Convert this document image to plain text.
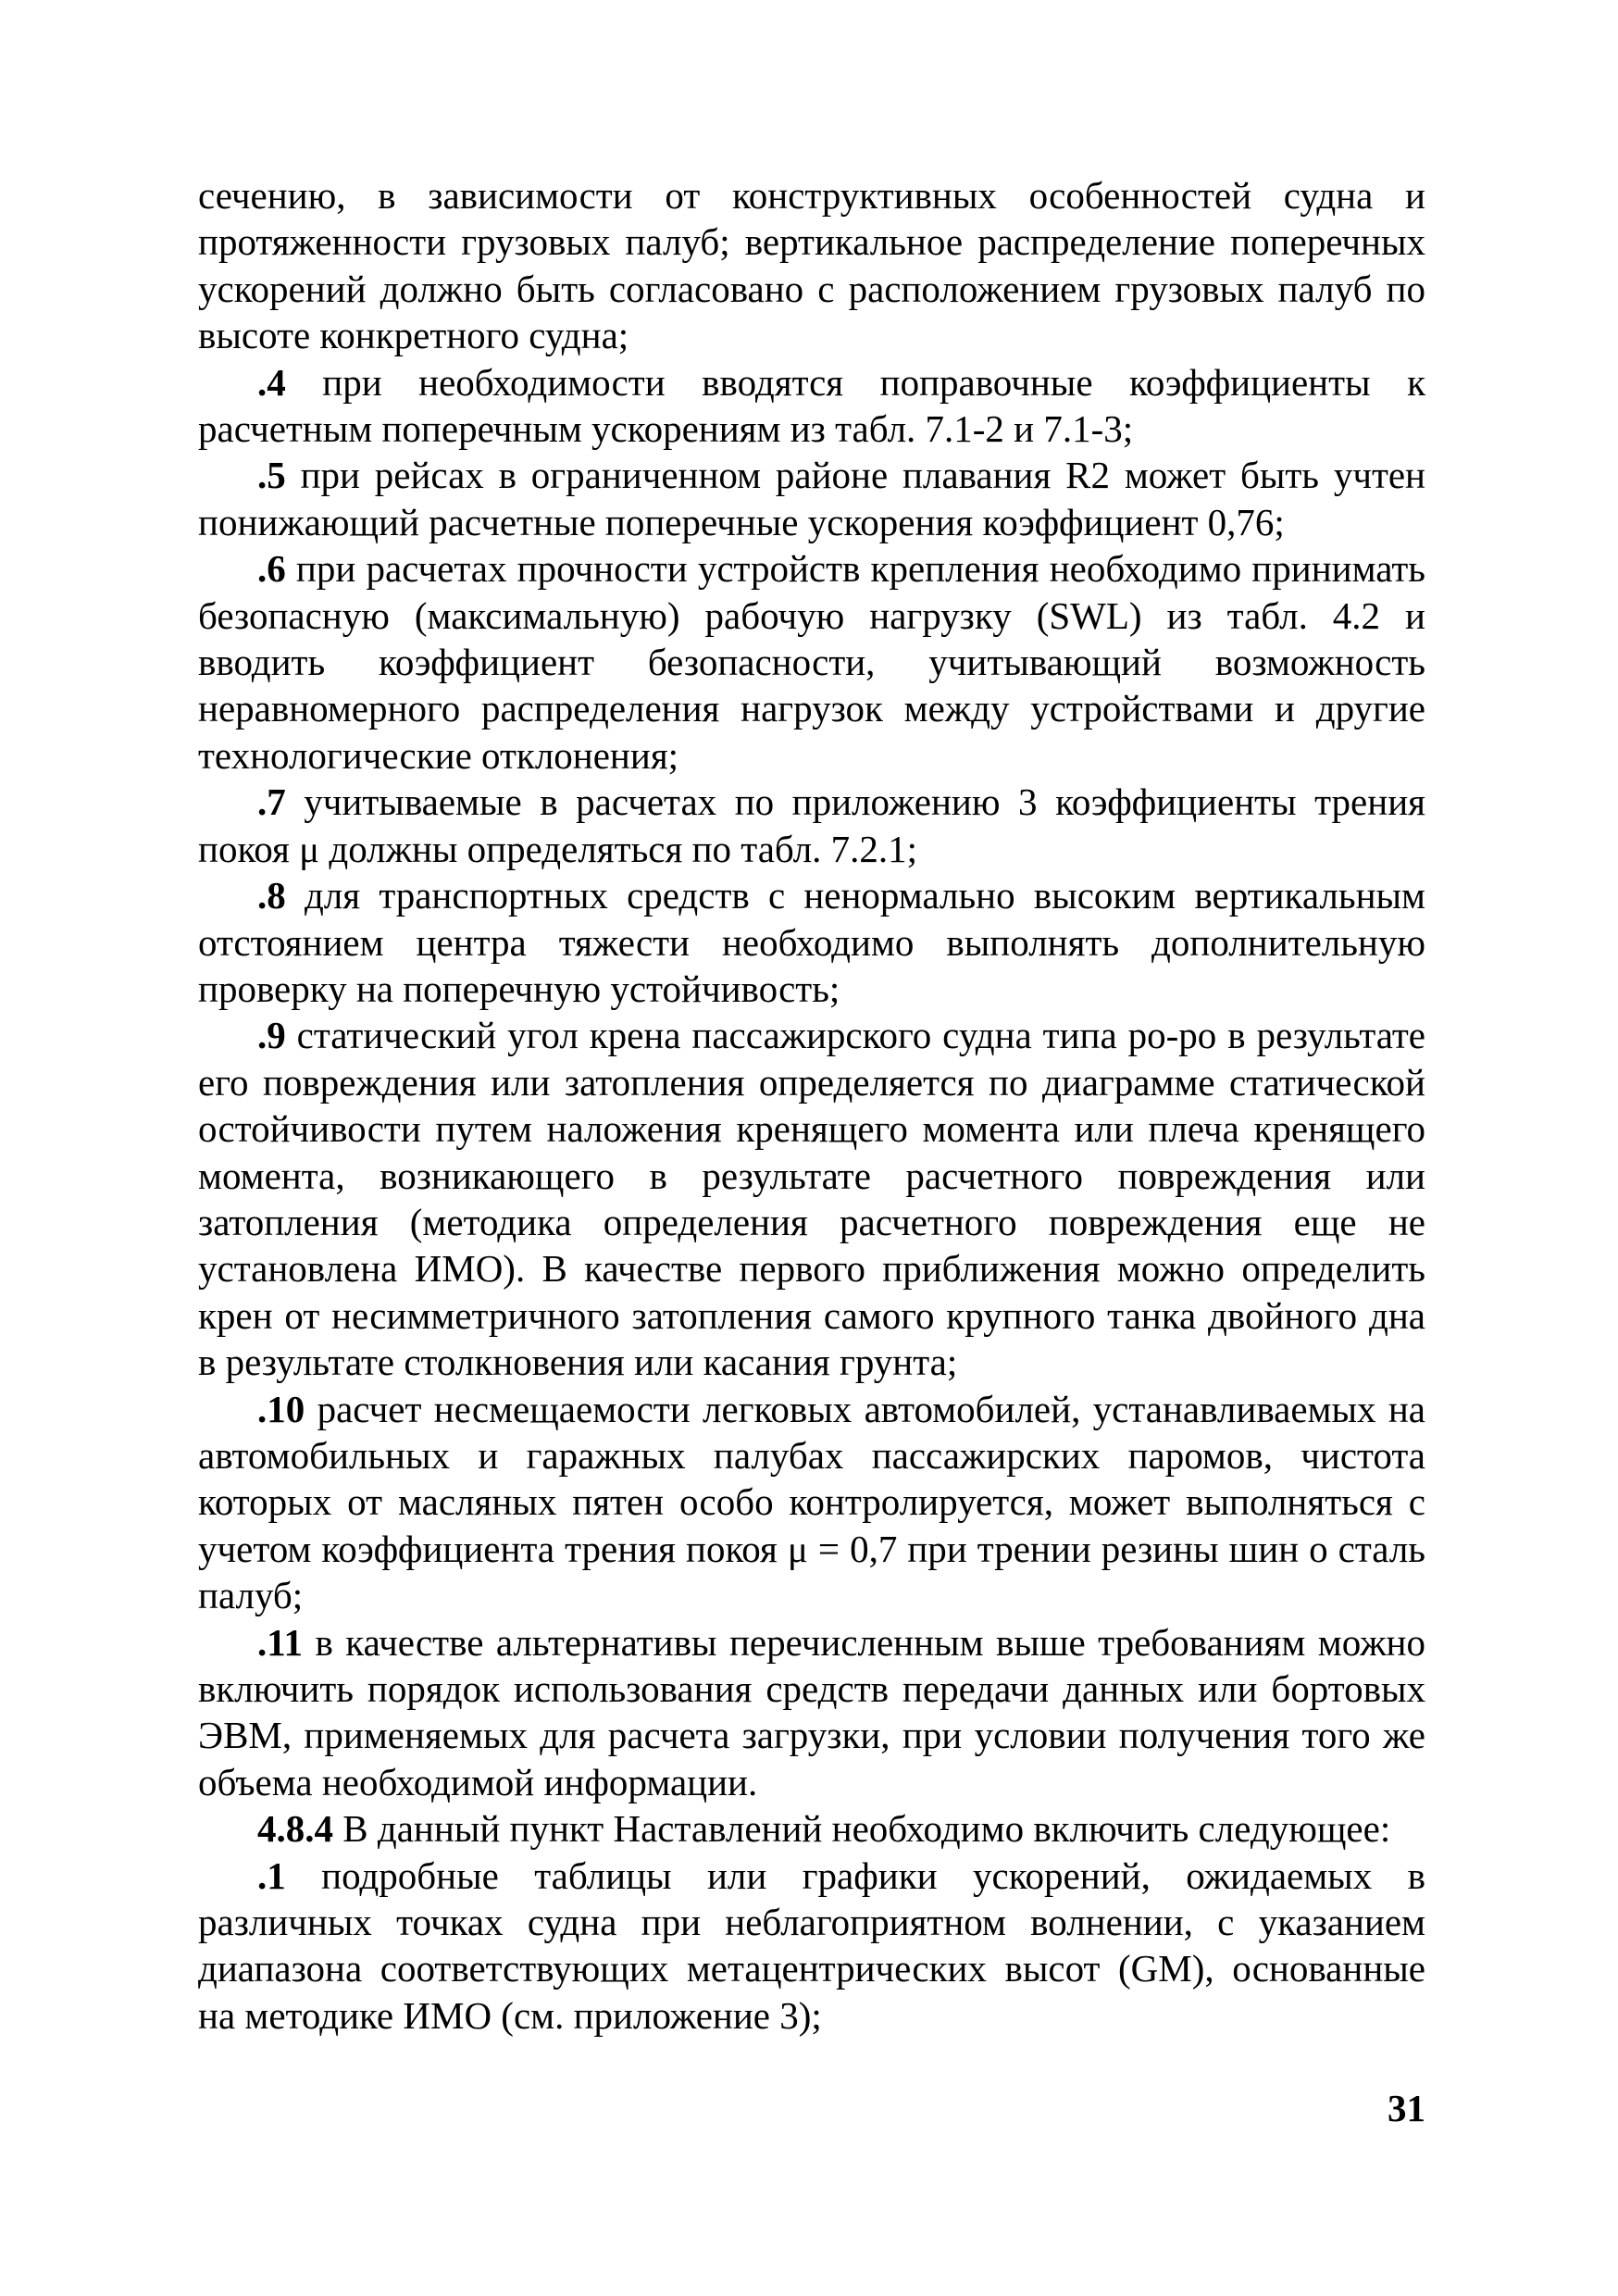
сечению, в зависимости от конструктивных особенностей судна и протяженности грузовых палуб; вертикальное распределение поперечных ускорений должно быть согласовано с расположением грузовых палуб по высоте конкретного судна;

.4 при необходимости вводятся поправочные коэффициенты к расчетным поперечным ускорениям из табл. 7.1-2 и 7.1-3;

.5 при рейсах в ограниченном районе плавания R2 может быть учтен понижающий расчетные поперечные ускорения коэффициент 0,76;

.6 при расчетах прочности устройств крепления необходимо принимать безопасную (максимальную) рабочую нагрузку (SWL) из табл. 4.2 и вводить коэффициент безопасности, учитывающий возможность неравномерного распределения нагрузок между устройствами и другие технологические отклонения;

.7 учитываемые в расчетах по приложению 3 коэффициенты трения покоя μ должны определяться по табл. 7.2.1;

.8 для транспортных средств с ненормально высоким вертикальным отстоянием центра тяжести необходимо выполнять дополнительную проверку на поперечную устойчивость;

.9 статический угол крена пассажирского судна типа ро-ро в результате его повреждения или затопления определяется по диаграмме статической остойчивости путем наложения кренящего момента или плеча кренящего момента, возникающего в результате расчетного повреждения или затопления (методика определения расчетного повреждения еще не установлена ИМО). В качестве первого приближения можно определить крен от несимметричного затопления самого крупного танка двойного дна в результате столкновения или касания грунта;

.10 расчет несмещаемости легковых автомобилей, устанавливаемых на автомобильных и гаражных палубах пассажирских паромов, чистота которых от масляных пятен особо контролируется, может выполняться с учетом коэффициента трения покоя μ = 0,7 при трении резины шин о сталь палуб;

.11 в качестве альтернативы перечисленным выше требованиям можно включить порядок использования средств передачи данных или бортовых ЭВМ, применяемых для расчета загрузки, при условии получения того же объема необходимой информации.

4.8.4 В данный пункт Наставлений необходимо включить следующее:

.1 подробные таблицы или графики ускорений, ожидаемых в различных точках судна при неблагоприятном волнении, с указанием диапазона соответствующих метацентрических высот (GM), основанные на методике ИМО (см. приложение 3);

31
